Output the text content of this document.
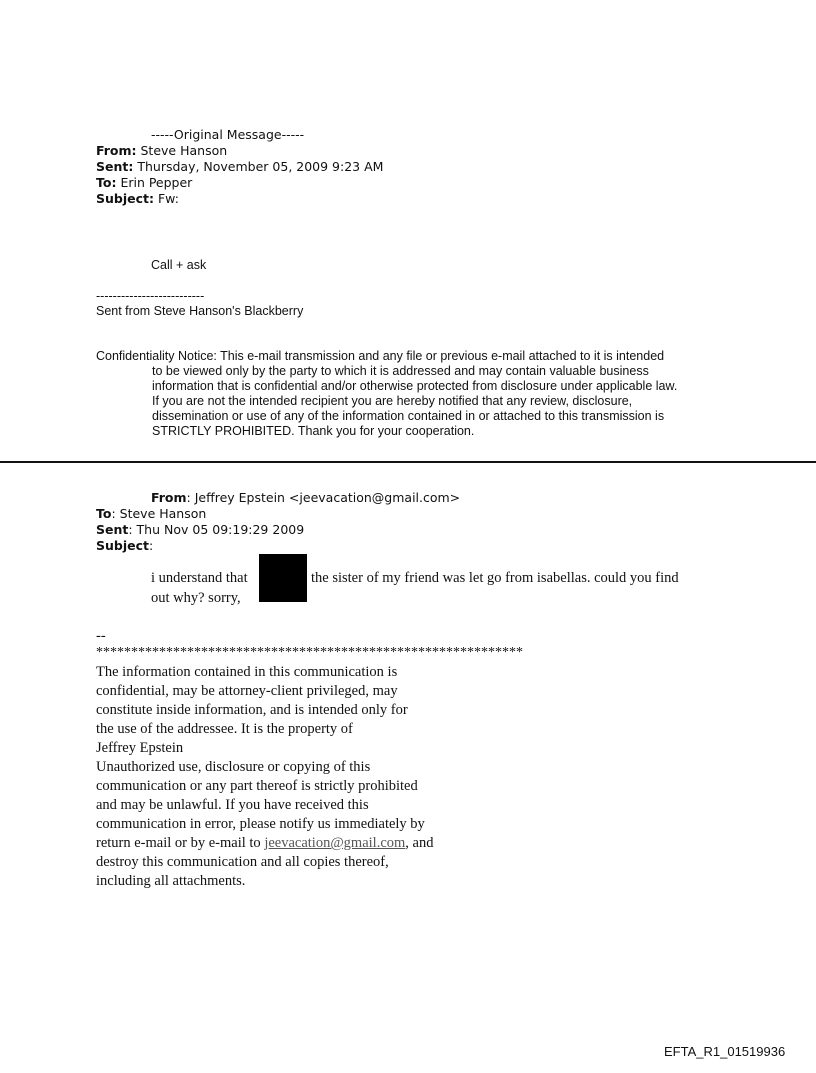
-----Original Message-----
From: Steve Hanson
Sent: Thursday, November 05, 2009 9:23 AM
To: Erin Pepper
Subject: Fw:
Call + ask
--------------------------
Sent from Steve Hanson's Blackberry
Confidentiality Notice: This e-mail transmission and any file or previous e-mail attached to it is intended
to be viewed only by the party to which it is addressed and may contain valuable business
information that is confidential and/or otherwise protected from disclosure under applicable law.
If you are not the intended recipient you are hereby notified that any review, disclosure,
dissemination or use of any of the information contained in or attached to this transmission is
STRICTLY PROHIBITED. Thank you for your cooperation.
From: Jeffrey Epstein <jeevacation@gmail.com>
To: Steve Hanson
Sent: Thu Nov 05 09:19:29 2009
Subject:
i understand that	the sister of my friend was let go from isabellas. could you find
out why? sorry,
--
*************************************************************
The information contained in this communication is
confidential, may be attorney-client privileged, may
constitute inside information, and is intended only for
the use of the addressee. It is the property of
Jeffrey Epstein
Unauthorized use, disclosure or copying of this
communication or any part thereof is strictly prohibited
and may be unlawful. If you have received this
communication in error, please notify us immediately by
return e-mail or by e-mail to jeevacation@gmail.com, and
destroy this communication and all copies thereof,
including all attachments.
EFTA_R1_01519936
